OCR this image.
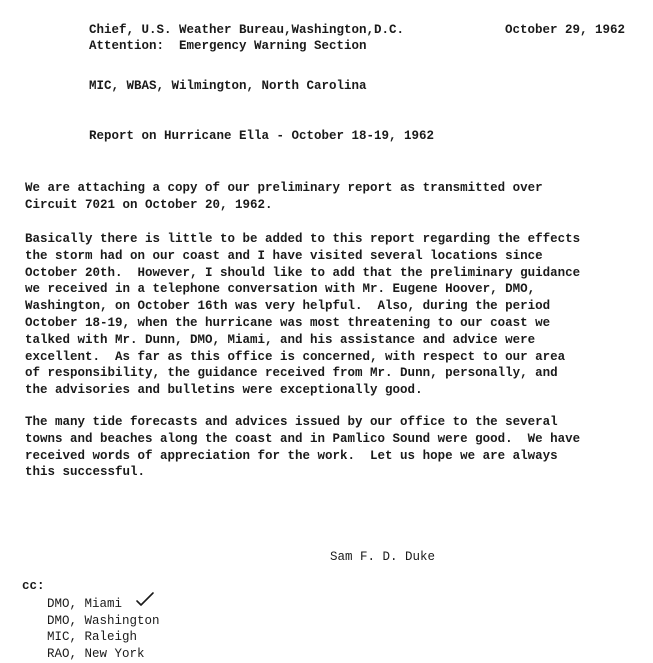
Chief, U.S. Weather Bureau,Washington,D.C.	October 29, 1962
Attention:  Emergency Warning Section
MIC, WBAS, Wilmington, North Carolina
Report on Hurricane Ella - October 18-19, 1962
We are attaching a copy of our preliminary report as transmitted over
Circuit 7021 on October 20, 1962.
Basically there is little to be added to this report regarding the effects
the storm had on our coast and I have visited several locations since
October 20th.  However, I should like to add that the preliminary guidance
we received in a telephone conversation with Mr. Eugene Hoover, DMO,
Washington, on October 16th was very helpful.  Also, during the period
October 18-19, when the hurricane was most threatening to our coast we
talked with Mr. Dunn, DMO, Miami, and his assistance and advice were
excellent.  As far as this office is concerned, with respect to our area
of responsibility, the guidance received from Mr. Dunn, personally, and
the advisories and bulletins were exceptionally good.
The many tide forecasts and advices issued by our office to the several
towns and beaches along the coast and in Pamlico Sound were good.  We have
received words of appreciation for the work.  Let us hope we are always
this successful.
Sam F. D. Duke
cc:
DMO, Miami
DMO, Washington
MIC, Raleigh
RAO, New York
